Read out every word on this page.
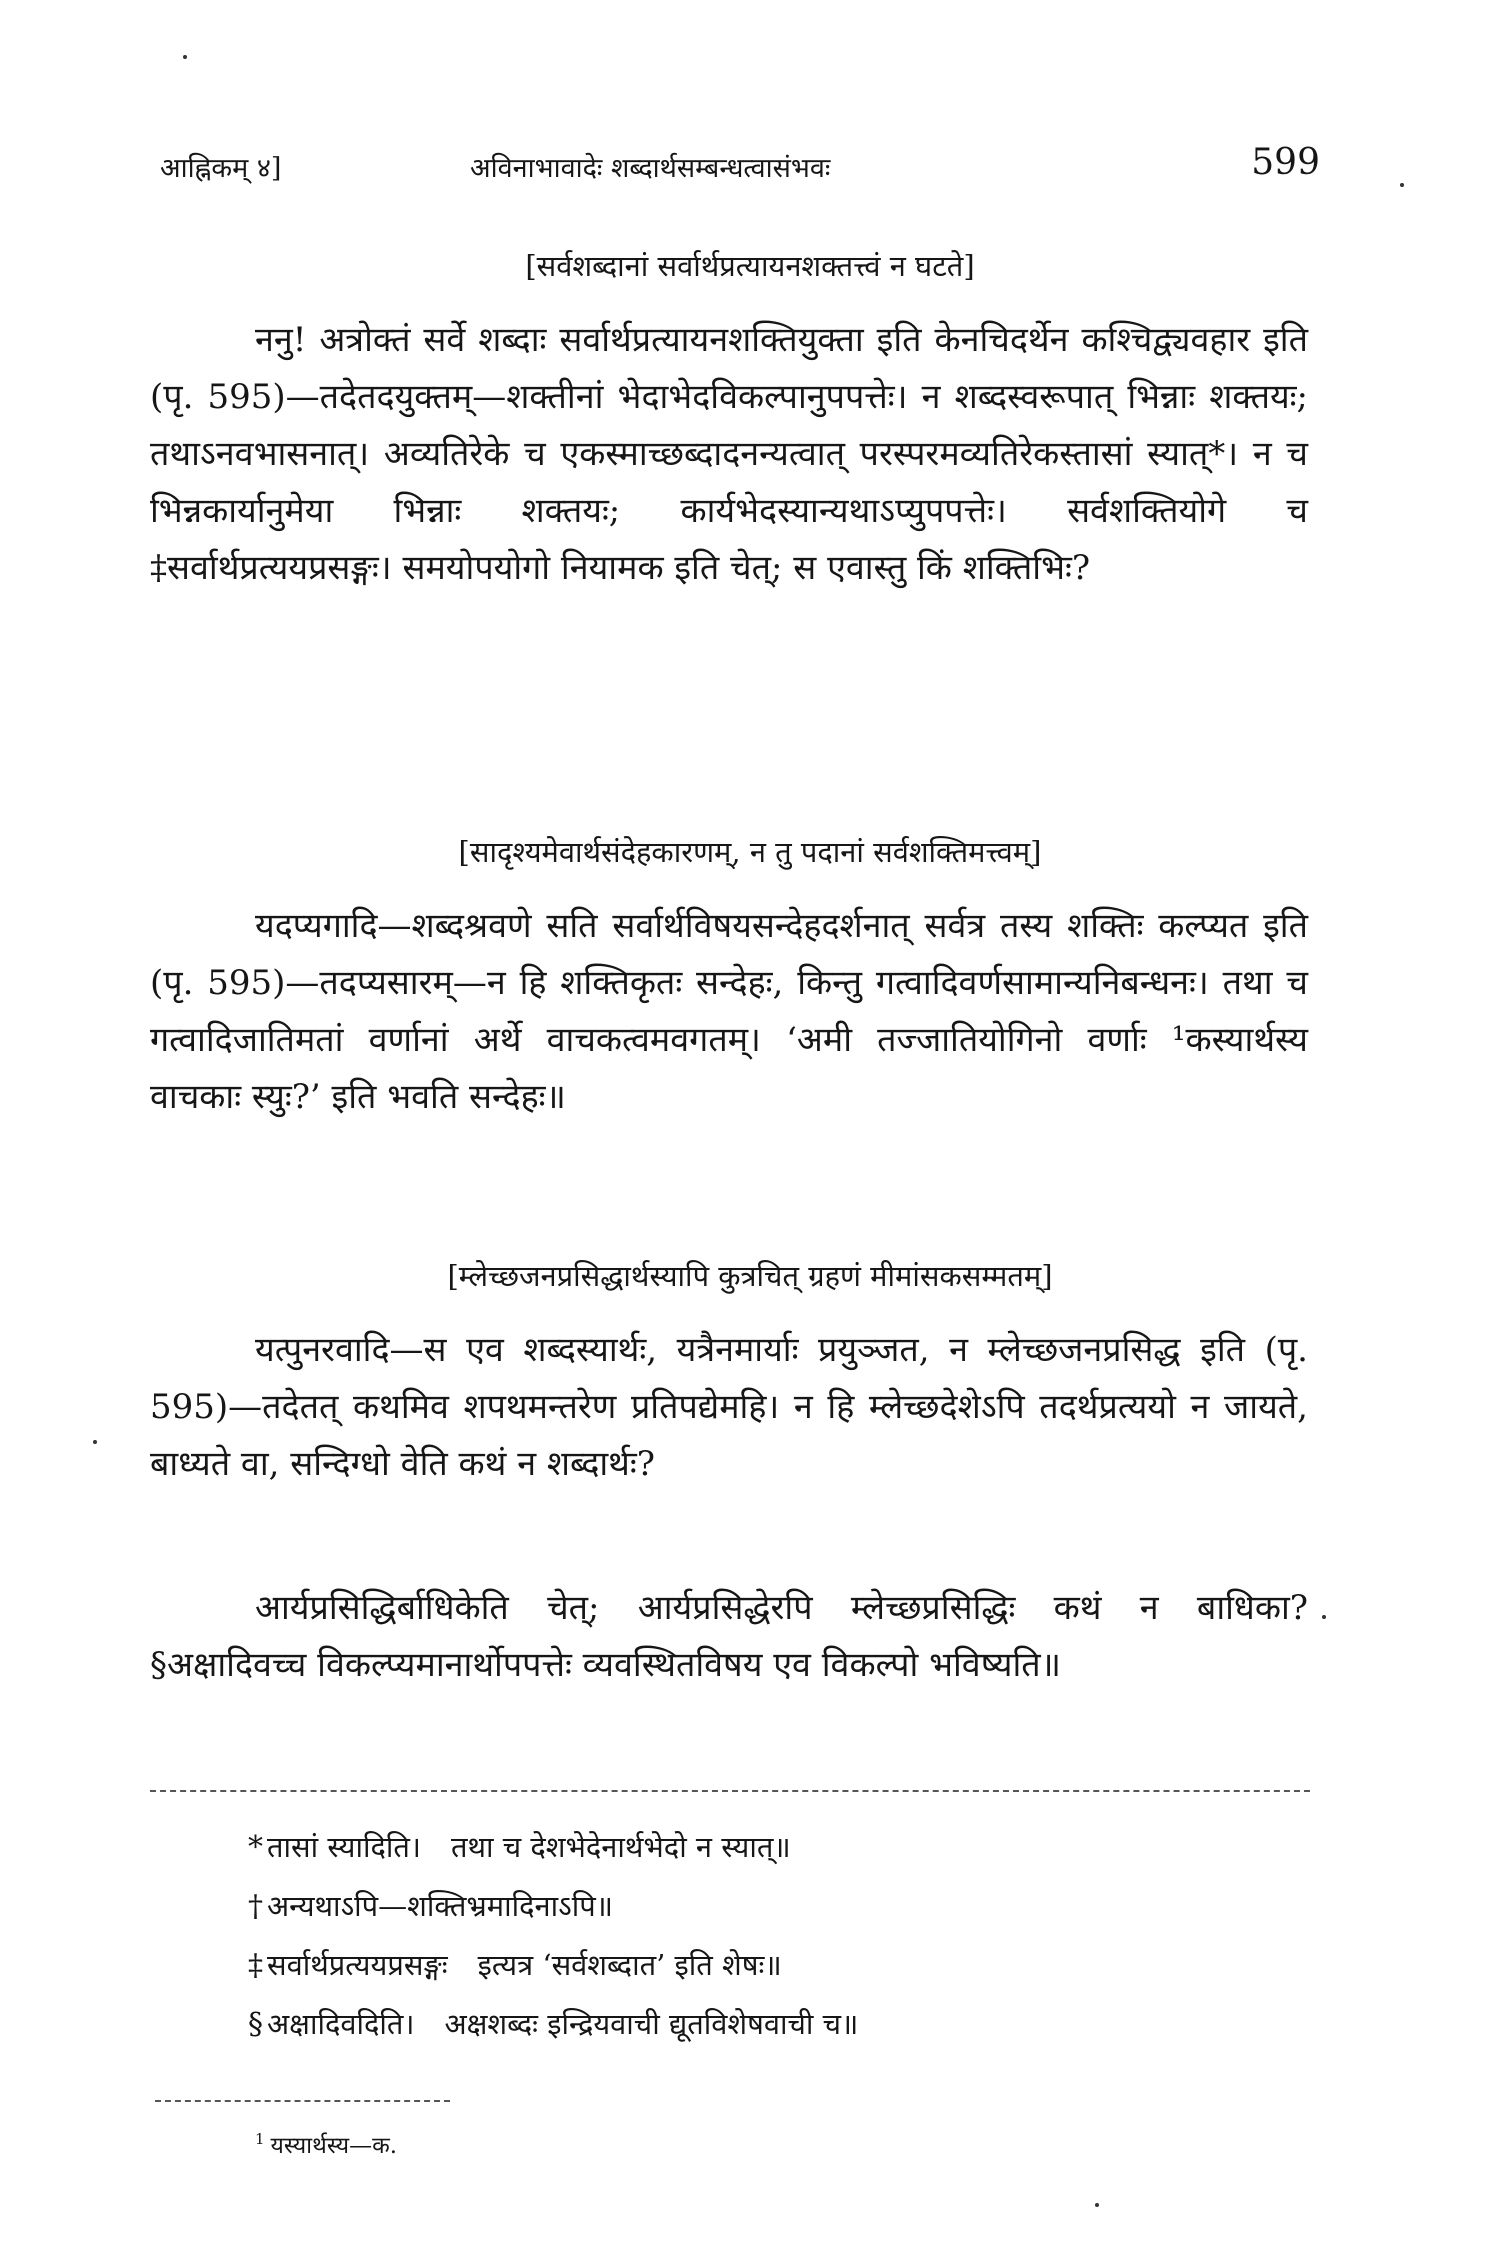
आह्निकम् ४]	अविनाभावादेः शब्दार्थसम्बन्धत्वासंभवः	599
[सर्वशब्दानां सर्वार्थप्रत्यायनशक्तत्त्वं न घटते]

ननु! अत्रोक्तं सर्वे शब्दाः सर्वार्थप्रत्यायनशक्तियुक्ता इति केनचिदर्थेन कश्चिद्व्यवहार इति (पृ. 595)—तदेतदयुक्तम्—शक्तीनां भेदाभेदविकल्पानुपपत्तेः। न शब्दस्वरूपात् भिन्नाः शक्तयः; तथाऽनवभासनात्। अव्यतिरेके च एकस्माच्छब्दादनन्यत्वात् परस्परमव्यतिरेकस्तासां स्यात्*। न च भिन्नकार्यानुमेया भिन्नाः शक्तयः; कार्यभेदस्यान्यथाऽप्युपपत्तेः। सर्वशक्तियोगे च ‡सर्वार्थप्रत्ययप्रसङ्गः। समयोपयोगो नियामक इति चेत्; स एवास्तु किं शक्तिभिः?

[सादृश्यमेवार्थसंदेहकारणम्, न तु पदानां सर्वशक्तिमत्त्वम्]

यदप्यगादि—शब्दश्रवणे सति सर्वार्थविषयसन्देहदर्शनात् सर्वत्र तस्य शक्तिः कल्प्यत इति (पृ. 595)—तदप्यसारम्—न हि शक्तिकृतः सन्देहः, किन्तु गत्वादिवर्णसामान्यनिबन्धनः। तथा च गत्वादिजातिमतां वर्णानां अर्थे वाचकत्वमवगतम्। ‘अमी तज्जातियोगिनो वर्णाः ¹कस्यार्थस्य वाचकाः स्युः?’ इति भवति सन्देहः॥

[म्लेच्छजनप्रसिद्धार्थस्यापि कुत्रचित् ग्रहणं मीमांसकसम्मतम्]

यत्पुनरवादि—स एव शब्दस्यार्थः, यत्रैनमार्याः प्रयुञ्जत, न म्लेच्छजनप्रसिद्ध इति (पृ. 595)—तदेतत् कथमिव शपथमन्तरेण प्रतिपद्येमहि। न हि म्लेच्छदेशेऽपि तदर्थप्रत्ययो न जायते, बाध्यते वा, सन्दिग्धो वेति कथं न शब्दार्थः?

आर्यप्रसिद्धिर्बाधिकेति चेत्; आर्यप्रसिद्धेरपि म्लेच्छप्रसिद्धिः कथं न बाधिका? §अक्षादिवच्च विकल्प्यमानार्थोपपत्तेः व्यवस्थितविषय एव विकल्पो भविष्यति॥

* तासां स्यादिति। तथा च देशभेदेनार्थभेदो न स्यात्॥

† अन्यथाऽपि—शक्तिभ्रमादिनाऽपि॥

‡ सर्वार्थप्रत्ययप्रसङ्गः इत्यत्र ‘सर्वशब्दात’ इति शेषः॥

§ अक्षादिवदिति। अक्षशब्दः इन्द्रियवाची द्यूतविशेषवाची च॥

$^1$ यस्यार्थस्य—क.
